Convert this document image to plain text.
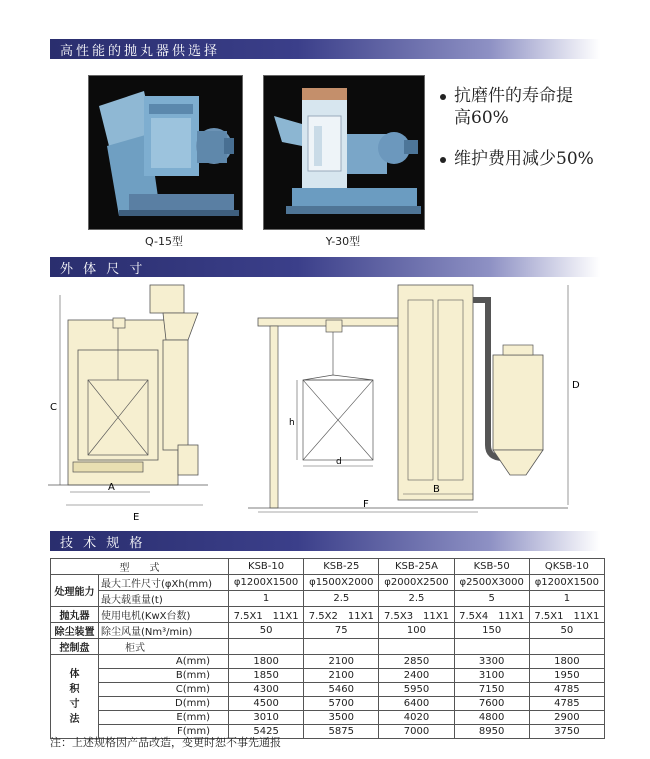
高性能的抛丸器供选择
Q-15型	Y-30型
抗磨件的寿命提
高60%
维护费用减少50%
外 体 尺 寸
C
A
E
h
d
F
B
D
技 术 规 格
型　　式		KSB-10	KSB-25	KSB-25A	KSB-50	QKSB-10
处理能力	最大工件尺寸(φXh(mm)	φ1200X1500	φ1500X2000	φ2000X2500	φ2500X3000	φ1200X1500
	最大载重量(t)	1	2.5	2.5	5	1
抛丸器	使用电机(KwX台数)	7.5X1　11X1	7.5X2　11X1	7.5X3　11X1	7.5X4　11X1	7.5X1　11X1
除尘装置	除尘风量(Nm³/min)	50	75	100	150	50
控制盘	柜式					
体
积
寸
法	A(mm)	1800	2100	2850	3300	1800
	B(mm)	1850	2100	2400	3100	1950
	C(mm)	4300	5460	5950	7150	4785
	D(mm)	4500	5700	6400	7600	4785
	E(mm)	3010	3500	4020	4800	2900
	F(mm)	5425	5875	7000	8950	3750
注：上述规格因产品改造，变更时恕不事先通报
